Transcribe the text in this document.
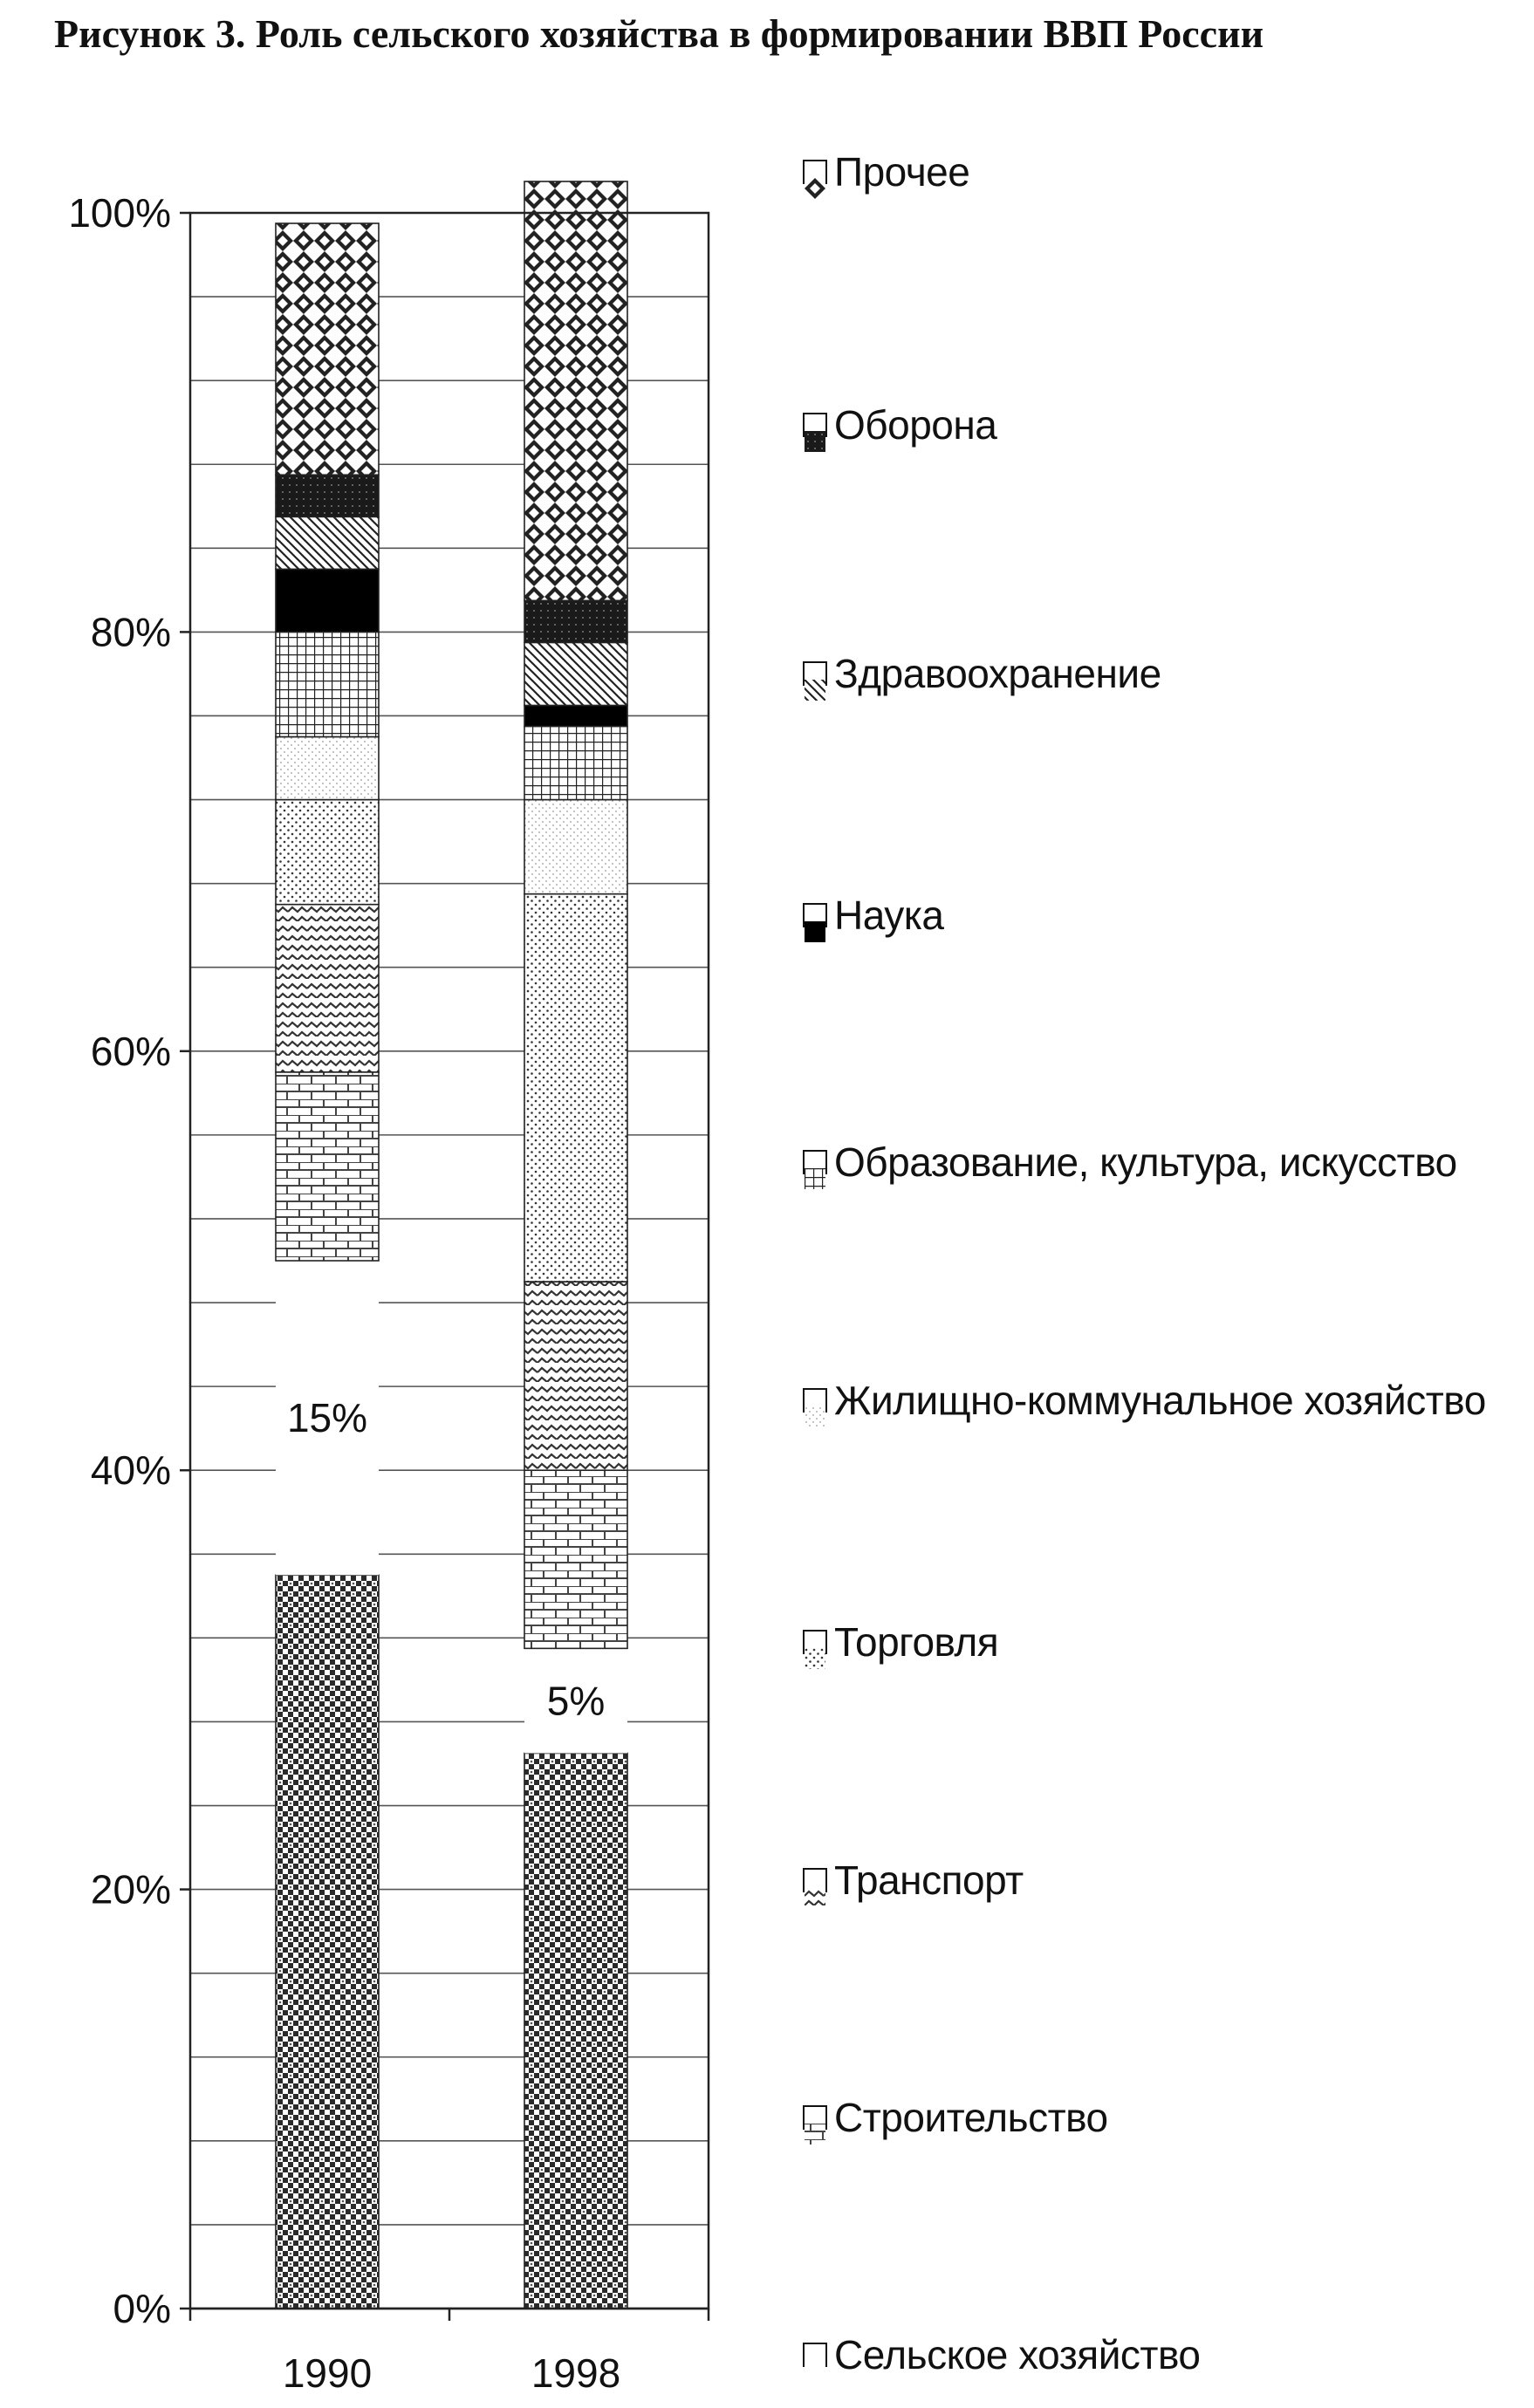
Рисунок 3. Роль сельского хозяйства в формировании ВВП России
15%
5%
0%
20%
40%
60%
80%
100%
1990	1998
Прочее
Оборона
Здравоохранение
Наука
Образование, культура, искусство
Жилищно-коммунальное хозяйство
Торговля
Транспорт
Строительство
Сельское хозяйство
